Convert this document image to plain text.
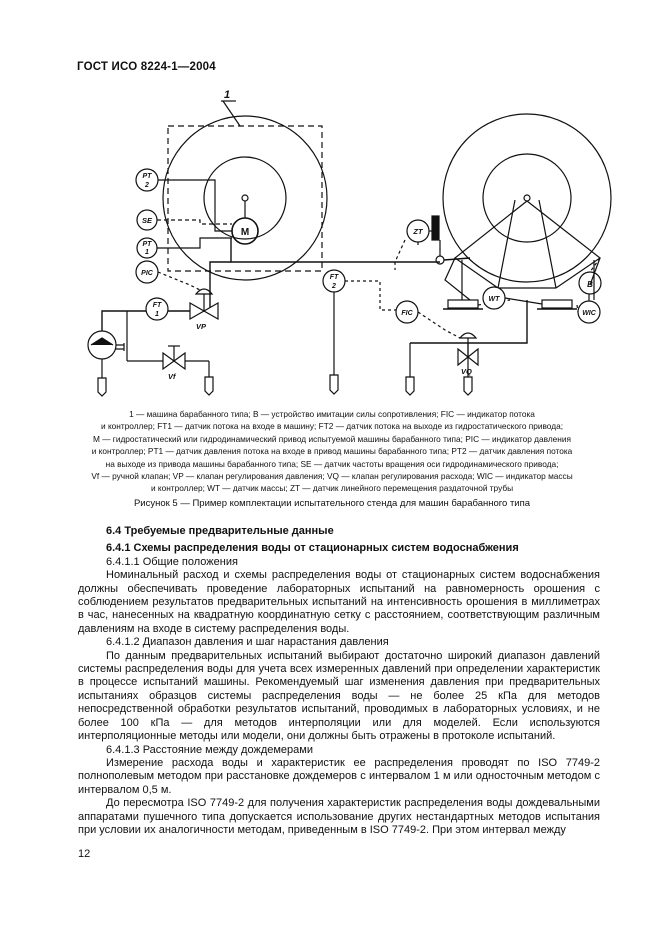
ГОСТ ИСО 8224-1—2004
1
M
PT
2
SE
PT
1
PIC
FT
2
FT
1
VP
Vf
ZT
B
WIC
WT
FIC
VQ
1 — машина барабанного типа; B — устройство имитации силы сопротивления; FIC — индикатор потока
и контроллер; FT1 — датчик потока на входе в машину; FT2 — датчик потока на выходе из гидростатического привода;
M — гидростатический или гидродинамический привод испытуемой машины барабанного типа; PIC — индикатор давления
и контроллер; PT1 — датчик давления потока на входе в привод машины барабанного типа; PT2 — датчик давления потока
на выходе из привода машины барабанного типа; SE — датчик частоты вращения оси гидродинамического привода;
Vf — ручной клапан; VP — клапан регулирования давления; VQ — клапан регулирования расхода; WIC — индикатор массы
и контроллер; WT — датчик массы; ZT — датчик линейного перемещения раздаточной трубы
Рисунок 5 — Пример комплектации испытательного стенда для машин барабанного типа
6.4 Требуемые предварительные данные
6.4.1 Схемы распределения воды от стационарных систем водоснабжения

6.4.1.1 Общие положения

Номинальный расход и схемы распределения воды от стационарных систем водоснабжения должны обеспечивать проведение лабораторных испытаний на равномерность орошения с соблюдением результатов предварительных испытаний на интенсивность орошения в миллиметрах в час, нанесенных на квадратную координатную сетку с расстоянием, соответствующим различным давлениям на входе в систему распределения воды.

6.4.1.2 Диапазон давления и шаг нарастания давления

По данным предварительных испытаний выбирают достаточно широкий диапазон давлений системы распределения воды для учета всех измеренных давлений при определении характеристик в процессе испытаний машины. Рекомендуемый шаг изменения давления при предварительных испытаниях образцов системы распределения воды — не более 25 кПа для методов непосредственной обработки результатов испытаний, проводимых в лабораторных условиях, и не более 100 кПа — для методов интерполяции или для моделей. Если используются интерполяционные методы или модели, они должны быть отражены в протоколе испытаний.

6.4.1.3 Расстояние между дождемерами

Измерение расхода воды и характеристик ее распределения проводят по ISO 7749-2 полнополевым методом при расстановке дождемеров с интервалом 1 м или односточным методом с интервалом 0,5 м.

До пересмотра ISO 7749-2 для получения характеристик распределения воды дождевальными аппаратами пушечного типа допускается использование других нестандартных методов испытания при условии их аналогичности методам, приведенным в ISO 7749-2. При этом интервал между

12
